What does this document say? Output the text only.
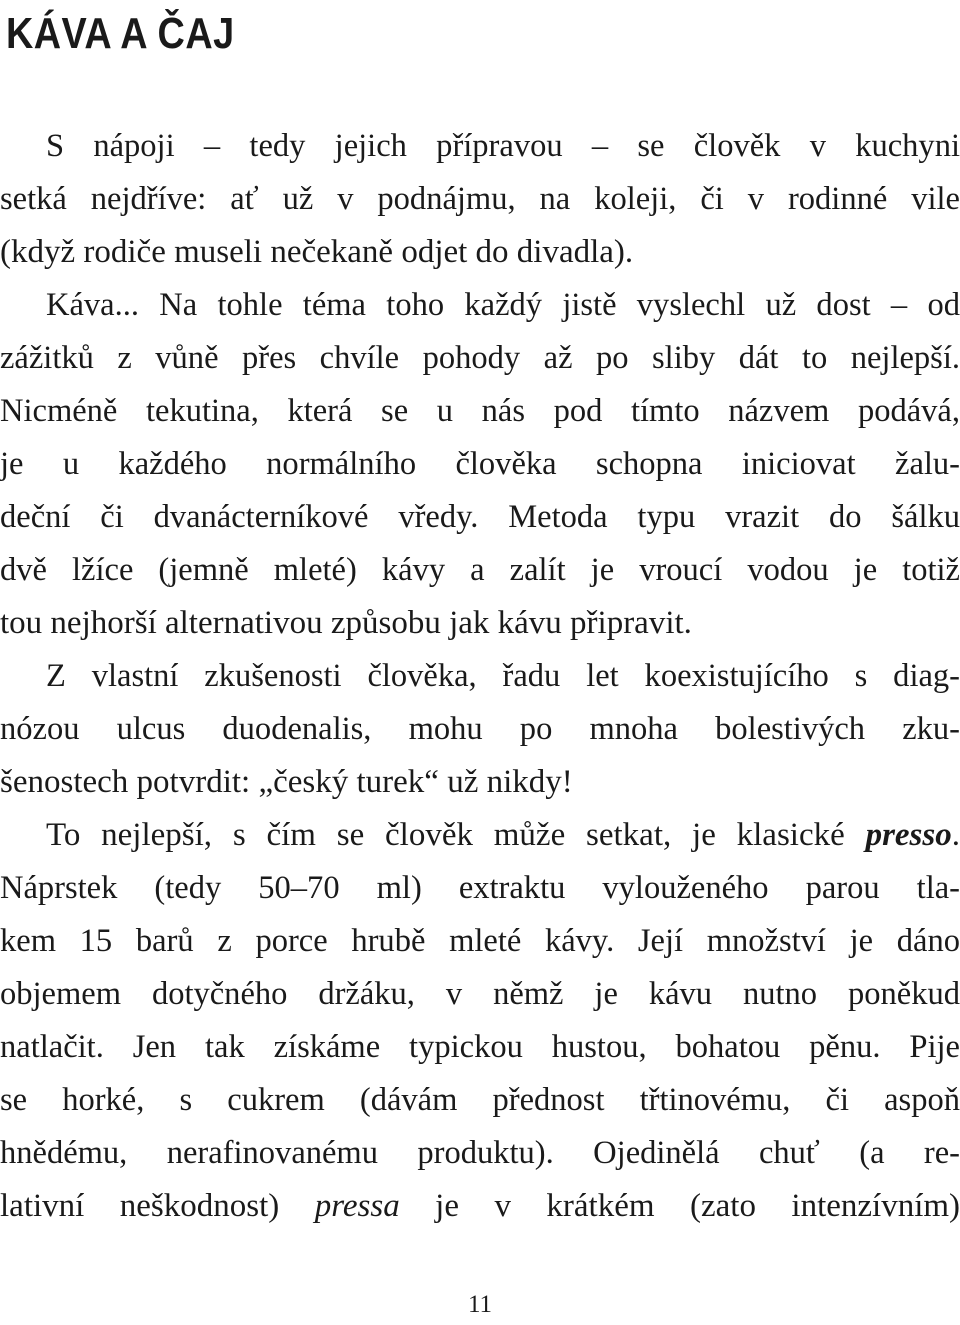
KÁVA A ČAJ
S nápoji – tedy jejich přípravou – se člověk v kuchyni
setká nejdříve: ať už v podnájmu, na koleji, či v rodinné vile
(když rodiče museli nečekaně odjet do divadla).
Káva... Na tohle téma toho každý jistě vyslechl už dost – od
zážitků z vůně přes chvíle pohody až po sliby dát to nejlepší.
Nicméně tekutina, která se u nás pod tímto názvem podává,
je u každého normálního člověka schopna iniciovat žalu-
deční či dvanácterníkové vředy. Metoda typu vrazit do šálku
dvě lžíce (jemně mleté) kávy a zalít je vroucí vodou je totiž
tou nejhorší alternativou způsobu jak kávu připravit.
Z vlastní zkušenosti člověka, řadu let koexistujícího s diag-
nózou ulcus duodenalis, mohu po mnoha bolestivých zku-
šenostech potvrdit: „český turek“ už nikdy!
To nejlepší, s čím se člověk může setkat, je klasické presso.
Náprstek (tedy 50–70 ml) extraktu vylouženého parou tla-
kem 15 barů z porce hrubě mleté kávy. Její množství je dáno
objemem dotyčného držáku, v němž je kávu nutno poněkud
natlačit. Jen tak získáme typickou hustou, bohatou pěnu. Pije
se horké, s cukrem (dávám přednost třtinovému, či aspoň
hnědému, nerafinovanému produktu). Ojedinělá chuť (a re-
lativní neškodnost) pressa je v krátkém (zato intenzívním)
11
